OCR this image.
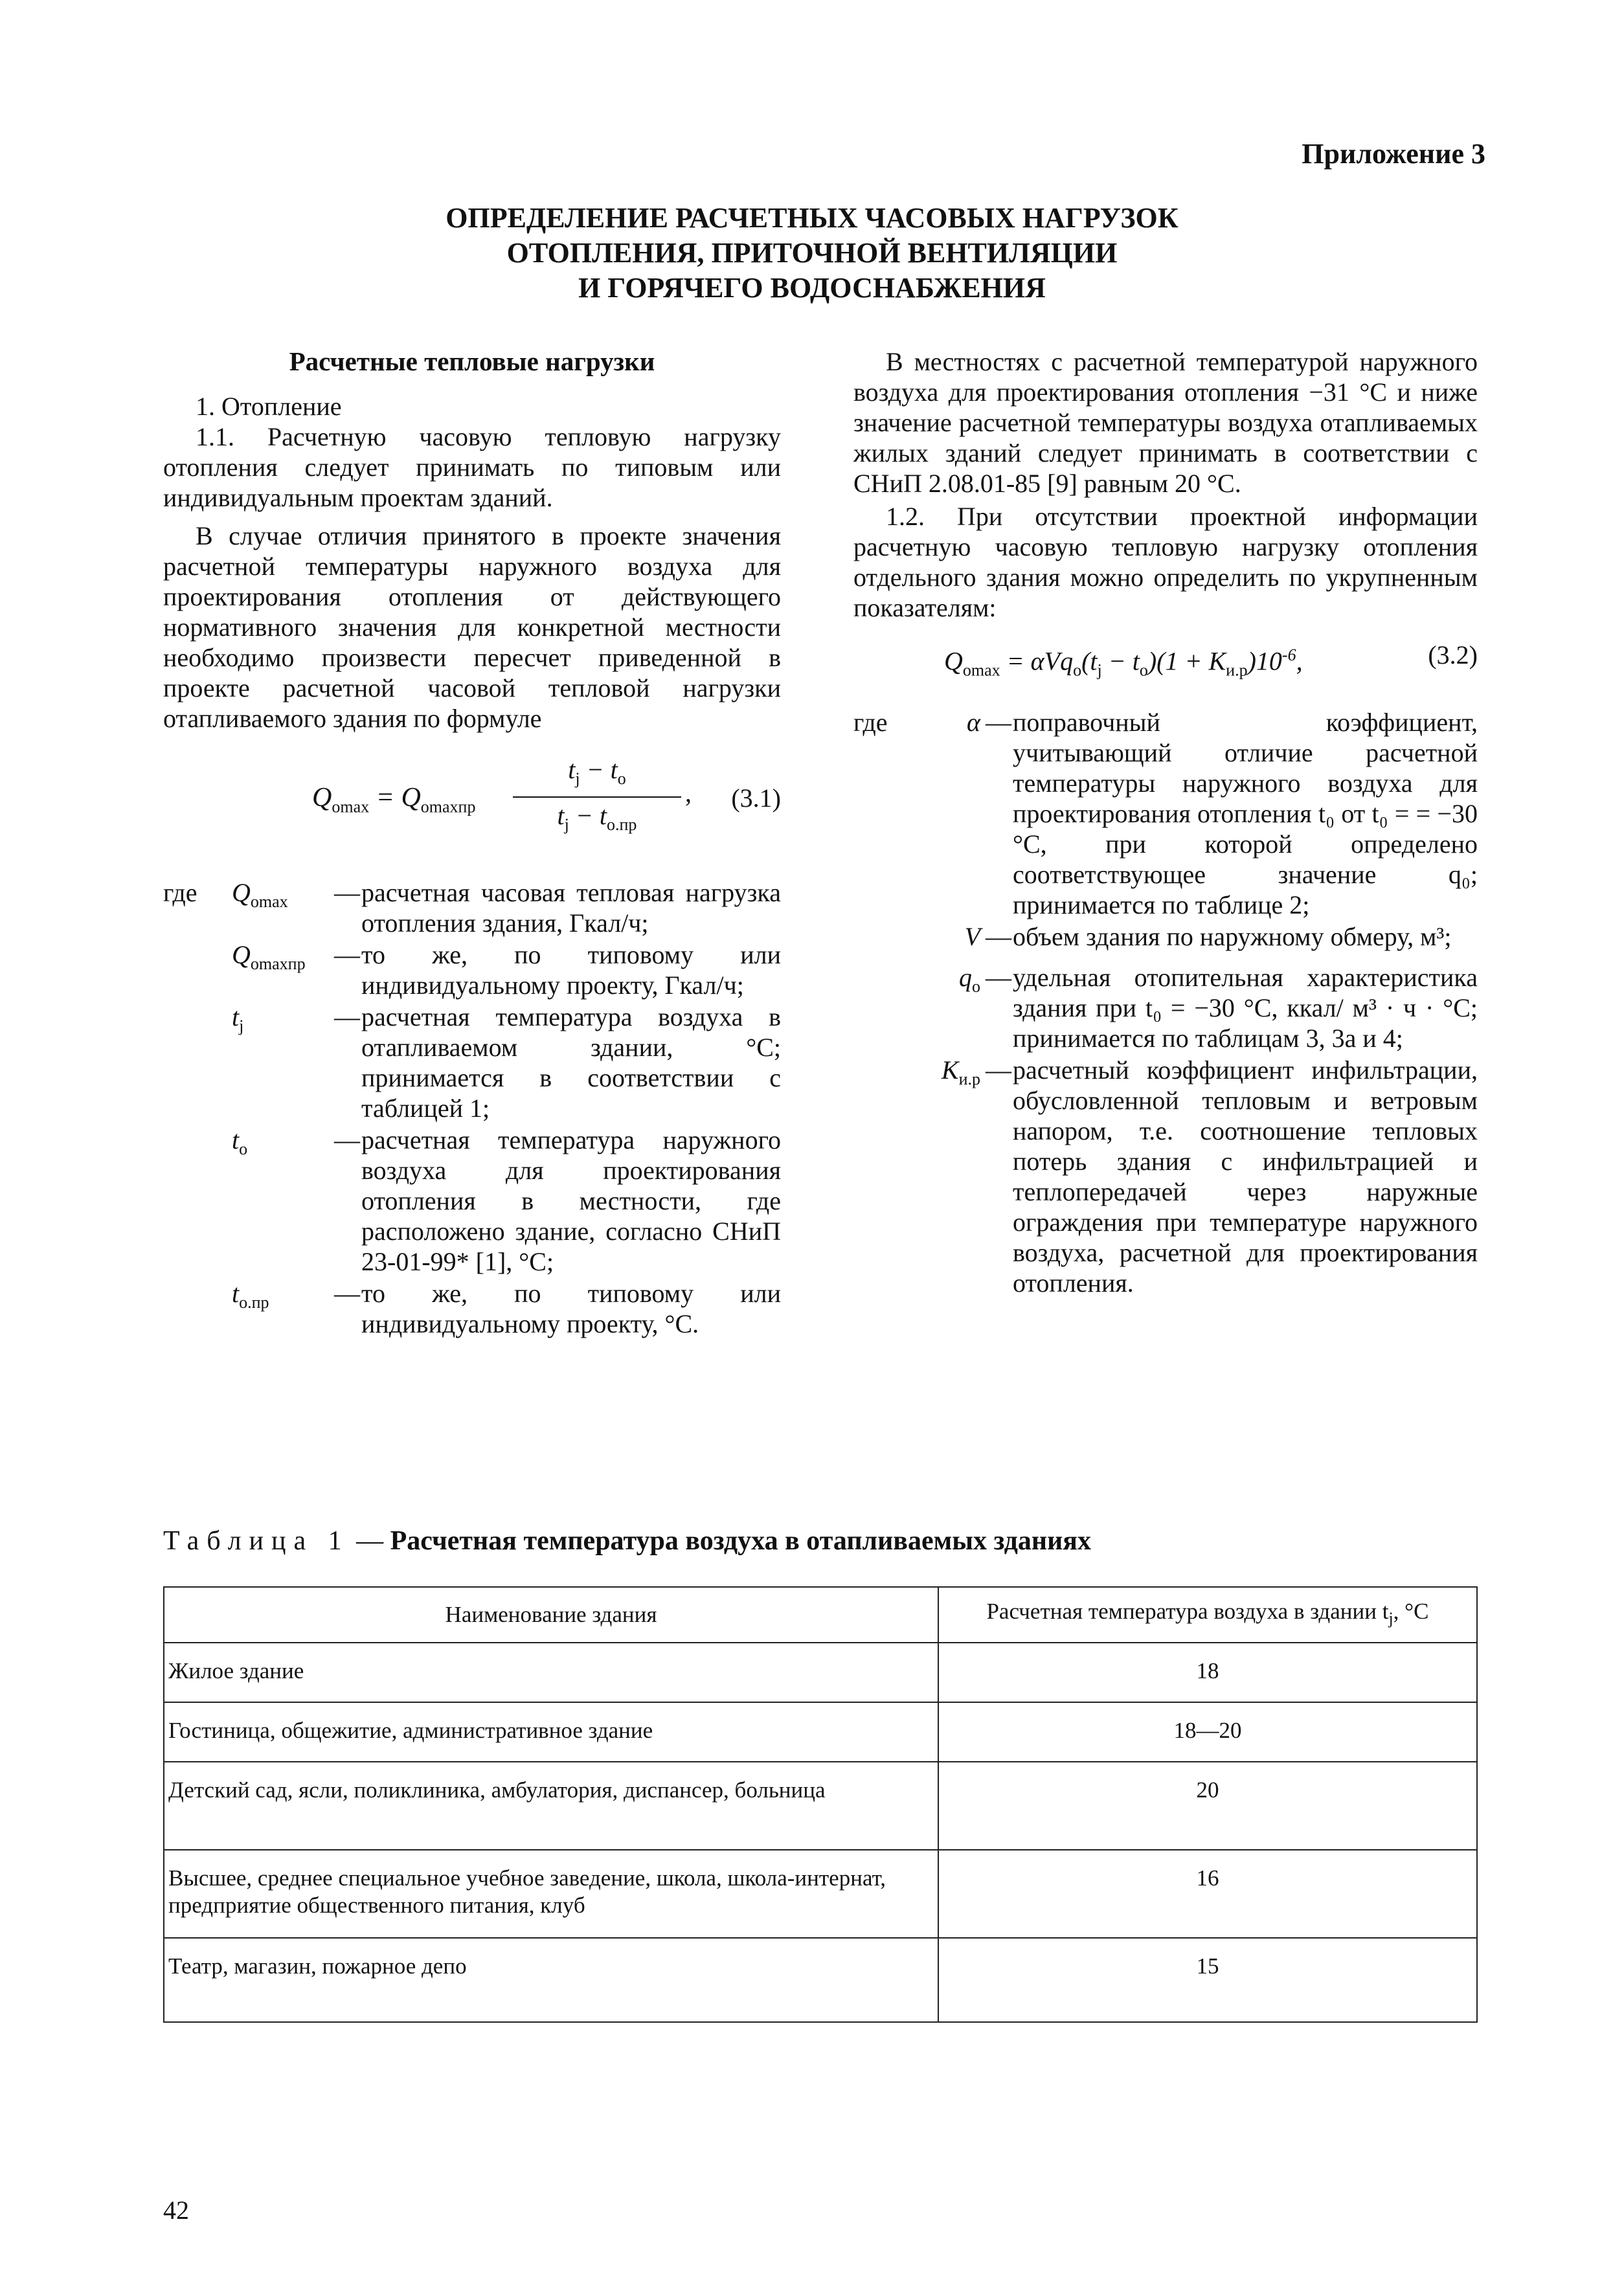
Приложение 3
ОПРЕДЕЛЕНИЕ РАСЧЕТНЫХ ЧАСОВЫХ НАГРУЗОК
ОТОПЛЕНИЯ, ПРИТОЧНОЙ ВЕНТИЛЯЦИИ
И ГОРЯЧЕГО ВОДОСНАБЖЕНИЯ
Расчетные тепловые нагрузки

1. Отопление

1.1. Расчетную часовую тепловую нагрузку отопления следует принимать по типовым или индивидуальным проектам зданий.

В случае отличия принятого в проекте значения расчетной температуры наружного воздуха для проектирования отопления от действующего нормативного значения для конкретной местности необходимо произвести пересчет приведенной в проекте расчетной часовой тепловой нагрузки отапливаемого здания по формуле

$Q_{omax} = Q_{omaxпр}$
$t_j - t_o$
$t_j - t_{o.пр}$
, (3.1)
где	$Q_{omax}$	— расчетная часовая тепловая нагрузка отопления здания, Гкал/ч;
$Q_{omaxпр}$	— то же, по типовому или индивидуальному проекту, Гкал/ч;
$t_j$	— расчетная температура воздуха в отапливаемом здании, °С; принимается в соответствии с таблицей 1;
$t_o$	— расчетная температура наружного воздуха для проектирования отопления в местности, где расположено здание, согласно СНиП 23-01-99* [1], °С;
$t_{o.пр}$	— то же, по типовому или индивидуальному проекту, °С.

В местностях с расчетной температурой наружного воздуха для проектирования отопления −31 °С и ниже значение расчетной температуры воздуха отапливаемых жилых зданий следует принимать в соответствии с СНиП 2.08.01-85 [9] равным 20 °С.

1.2. При отсутствии проектной информации расчетную часовую тепловую нагрузку отопления отдельного здания можно определить по укрупненным показателям:

$Q_{omax} = \alpha Vq_o(t_j - t_o)(1 + K_{и.р})10^{-6}$,	(3.2)
где	α — поправочный коэффициент, учитывающий отличие расчетной температуры наружного воздуха для проектирования отопления t₀ от t₀ = = −30 °С, при которой определено соответствующее значение q₀; принимается по таблице 2;
V — объем здания по наружному обмеру, м³;
$q_o$ — удельная отопительная характеристика здания при t₀ = −30 °С, ккал/ м³ · ч · °С; принимается по таблицам 3, 3а и 4;
$K_{и.р}$ — расчетный коэффициент инфильтрации, обусловленной тепловым и ветровым напором, т.е. соотношение тепловых потерь здания с инфильтрацией и теплопередачей через наружные ограждения при температуре наружного воздуха, расчетной для проектирования отопления.
Таблица 1 — Расчетная температура воздуха в отапливаемых зданиях
Наименование здания	Расчетная температура воздуха в здании $t_j$, °С
Жилое здание	18
Гостиница, общежитие, административное здание	18—20
Детский сад, ясли, поликлиника, амбулатория, диспансер, больница	20
Высшее, среднее специальное учебное заведение, школа, школа-интернат, предприятие общественного питания, клуб	16
Театр, магазин, пожарное депо	15
42
